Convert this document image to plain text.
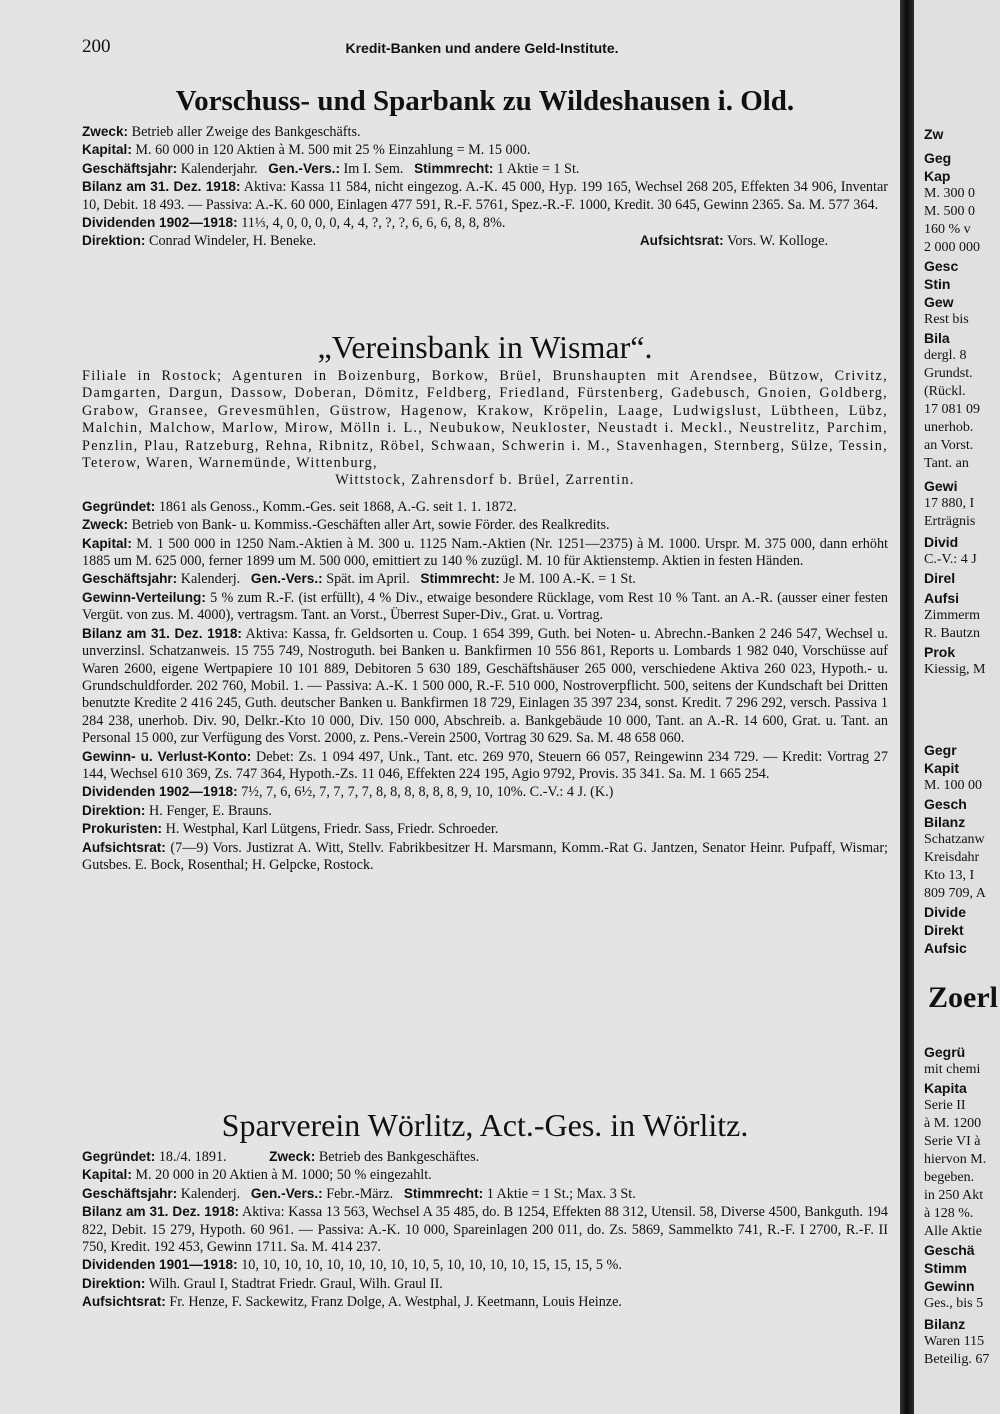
200	Kredit-Banken und andere Geld-Institute.
Vorschuss- und Sparbank zu Wildeshausen i. Old.

Zweck: Betrieb aller Zweige des Bankgeschäfts.

Kapital: M. 60 000 in 120 Aktien à M. 500 mit 25 % Einzahlung = M. 15 000.

Geschäftsjahr: Kalenderjahr. Gen.-Vers.: Im I. Sem. Stimmrecht: 1 Aktie = 1 St.

Bilanz am 31. Dez. 1918: Aktiva: Kassa 11 584, nicht eingezog. A.-K. 45 000, Hyp. 199 165, Wechsel 268 205, Effekten 34 906, Inventar 10, Debit. 18 493. — Passiva: A.-K. 60 000, Einlagen 477 591, R.-F. 5761, Spez.-R.-F. 1000, Kredit. 30 645, Gewinn 2365. Sa. M. 577 364.

Dividenden 1902—1918: 11⅓, 4, 0, 0, 0, 0, 4, 4, ?, ?, ?, 6, 6, 6, 8, 8, 8%.

Direktion: Conrad Windeler, H. Beneke.	Aufsichtsrat: Vors. W. Kolloge.
„Vereinsbank in Wismar“.

Filiale in Rostock; Agenturen in Boizenburg, Borkow, Brüel, Brunshaupten mit Arendsee, Bützow, Crivitz, Damgarten, Dargun, Dassow, Doberan, Dömitz, Feldberg, Friedland, Fürstenberg, Gadebusch, Gnoien, Goldberg, Grabow, Gransee, Grevesmühlen, Güstrow, Hagenow, Krakow, Kröpelin, Laage, Ludwigslust, Lübtheen, Lübz, Malchin, Malchow, Marlow, Mirow, Mölln i. L., Neubukow, Neukloster, Neustadt i. Meckl., Neustrelitz, Parchim, Penzlin, Plau, Ratzeburg, Rehna, Ribnitz, Röbel, Schwaan, Schwerin i. M., Stavenhagen, Sternberg, Sülze, Tessin, Teterow, Waren, Warnemünde, Wittenburg,

Wittstock, Zahrensdorf b. Brüel, Zarrentin.

Gegründet: 1861 als Genoss., Komm.-Ges. seit 1868, A.-G. seit 1. 1. 1872.

Zweck: Betrieb von Bank- u. Kommiss.-Geschäften aller Art, sowie Förder. des Realkredits.

Kapital: M. 1 500 000 in 1250 Nam.-Aktien à M. 300 u. 1125 Nam.-Aktien (Nr. 1251—2375) à M. 1000. Urspr. M. 375 000, dann erhöht 1885 um M. 625 000, ferner 1899 um M. 500 000, emittiert zu 140 % zuzügl. M. 10 für Aktienstemp. Aktien in festen Händen.

Geschäftsjahr: Kalenderj. Gen.-Vers.: Spät. im April. Stimmrecht: Je M. 100 A.-K. = 1 St.

Gewinn-Verteilung: 5 % zum R.-F. (ist erfüllt), 4 % Div., etwaige besondere Rücklage, vom Rest 10 % Tant. an A.-R. (ausser einer festen Vergüt. von zus. M. 4000), vertragsm. Tant. an Vorst., Überrest Super-Div., Grat. u. Vortrag.

Bilanz am 31. Dez. 1918: Aktiva: Kassa, fr. Geldsorten u. Coup. 1 654 399, Guth. bei Noten- u. Abrechn.-Banken 2 246 547, Wechsel u. unverzinsl. Schatzanweis. 15 755 749, Nostroguth. bei Banken u. Bankfirmen 10 556 861, Reports u. Lombards 1 982 040, Vorschüsse auf Waren 2600, eigene Wertpapiere 10 101 889, Debitoren 5 630 189, Geschäftshäuser 265 000, verschiedene Aktiva 260 023, Hypoth.- u. Grundschuldforder. 202 760, Mobil. 1. — Passiva: A.-K. 1 500 000, R.-F. 510 000, Nostroverpflicht. 500, seitens der Kundschaft bei Dritten benutzte Kredite 2 416 245, Guth. deutscher Banken u. Bankfirmen 18 729, Einlagen 35 397 234, sonst. Kredit. 7 296 292, versch. Passiva 1 284 238, unerhob. Div. 90, Delkr.-Kto 10 000, Div. 150 000, Abschreib. a. Bankgebäude 10 000, Tant. an A.-R. 14 600, Grat. u. Tant. an Personal 15 000, zur Verfügung des Vorst. 2000, z. Pens.-Verein 2500, Vortrag 30 629. Sa. M. 48 658 060.

Gewinn- u. Verlust-Konto: Debet: Zs. 1 094 497, Unk., Tant. etc. 269 970, Steuern 66 057, Reingewinn 234 729. — Kredit: Vortrag 27 144, Wechsel 610 369, Zs. 747 364, Hypoth.-Zs. 11 046, Effekten 224 195, Agio 9792, Provis. 35 341. Sa. M. 1 665 254.

Dividenden 1902—1918: 7½, 7, 6, 6½, 7, 7, 7, 7, 8, 8, 8, 8, 8, 8, 9, 10, 10%. C.-V.: 4 J. (K.)

Direktion: H. Fenger, E. Brauns.

Prokuristen: H. Westphal, Karl Lütgens, Friedr. Sass, Friedr. Schroeder.

Aufsichtsrat: (7—9) Vors. Justizrat A. Witt, Stellv. Fabrikbesitzer H. Marsmann, Komm.-Rat G. Jantzen, Senator Heinr. Pufpaff, Wismar; Gutsbes. E. Bock, Rosenthal; H. Gelpcke, Rostock.

Sparverein Wörlitz, Act.-Ges. in Wörlitz.

Gegründet: 18./4. 1891.	Zweck: Betrieb des Bankgeschäftes.

Kapital: M. 20 000 in 20 Aktien à M. 1000; 50 % eingezahlt.

Geschäftsjahr: Kalenderj. Gen.-Vers.: Febr.-März. Stimmrecht: 1 Aktie = 1 St.; Max. 3 St.

Bilanz am 31. Dez. 1918: Aktiva: Kassa 13 563, Wechsel A 35 485, do. B 1254, Effekten 88 312, Utensil. 58, Diverse 4500, Bankguth. 194 822, Debit. 15 279, Hypoth. 60 961. — Passiva: A.-K. 10 000, Spareinlagen 200 011, do. Zs. 5869, Sammelkto 741, R.-F. I 2700, R.-F. II 750, Kredit. 192 453, Gewinn 1711. Sa. M. 414 237.

Dividenden 1901—1918: 10, 10, 10, 10, 10, 10, 10, 10, 10, 5, 10, 10, 10, 10, 15, 15, 15, 5 %.

Direktion: Wilh. Graul I, Stadtrat Friedr. Graul, Wilh. Graul II.

Aufsichtsrat: Fr. Henze, F. Sackewitz, Franz Dolge, A. Westphal, J. Keetmann, Louis Heinze.

Zw
Geg
Kap
M. 300 0
M. 500 0
160 % v
2 000 000
Gesc
Stin
Gew
Rest bis
Bila
dergl. 8
Grundst.
(Rückl.
17 081 09
unerhob.
an Vorst.
Tant. an
Gewi
17 880, I
Erträgnis
Divid
C.-V.: 4 J
Direl
Aufsi
Zimmerm
R. Bautzn
Prok
Kiessig, M
Gegr
Kapit
M. 100 00
Gesch
Bilanz
Schatzanw
Kreisdahr
Kto 13, I
809 709, A
Divide
Direkt
Aufsic
Zoerl
Gegrü
mit chemi
Kapita
Serie II
à M. 1200
Serie VI à
hiervon M.
begeben.
in 250 Akt
à 128 %.
Alle Aktie
Geschä
Stimm
Gewinn
Ges., bis 5
Bilanz
Waren 115
Beteilig. 67
